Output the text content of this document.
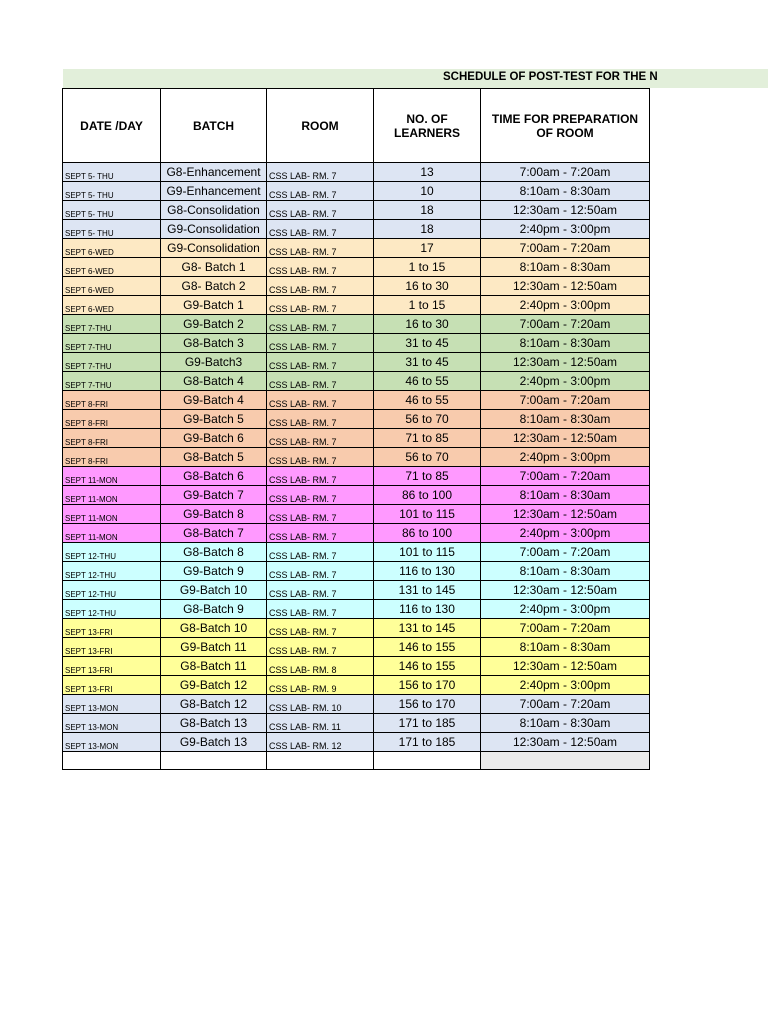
SCHEDULE OF POST-TEST FOR THE N
DATE /DAY	BATCH	ROOM	NO. OF LEARNERS	TIME FOR PREPARATION OF ROOM
SEPT 5- THU	G8-Enhancement	CSS LAB- RM. 7	13	7:00am - 7:20am
SEPT 5- THU	G9-Enhancement	CSS LAB- RM. 7	10	8:10am - 8:30am
SEPT 5- THU	G8-Consolidation	CSS LAB- RM. 7	18	12:30am - 12:50am
SEPT 5- THU	G9-Consolidation	CSS LAB- RM. 7	18	2:40pm - 3:00pm
SEPT 6-WED	G9-Consolidation	CSS LAB- RM. 7	17	7:00am - 7:20am
SEPT 6-WED	G8- Batch 1	CSS LAB- RM. 7	1 to 15	8:10am - 8:30am
SEPT 6-WED	G8- Batch 2	CSS LAB- RM. 7	16 to 30	12:30am - 12:50am
SEPT 6-WED	G9-Batch 1	CSS LAB- RM. 7	1 to 15	2:40pm - 3:00pm
SEPT 7-THU	G9-Batch 2	CSS LAB- RM. 7	16 to 30	7:00am - 7:20am
SEPT 7-THU	G8-Batch 3	CSS LAB- RM. 7	31 to 45	8:10am - 8:30am
SEPT 7-THU	G9-Batch3	CSS LAB- RM. 7	31 to 45	12:30am - 12:50am
SEPT 7-THU	G8-Batch 4	CSS LAB- RM. 7	46 to 55	2:40pm - 3:00pm
SEPT 8-FRI	G9-Batch 4	CSS LAB- RM. 7	46 to 55	7:00am - 7:20am
SEPT 8-FRI	G9-Batch 5	CSS LAB- RM. 7	56 to 70	8:10am - 8:30am
SEPT 8-FRI	G9-Batch 6	CSS LAB- RM. 7	71 to 85	12:30am - 12:50am
SEPT 8-FRI	G8-Batch 5	CSS LAB- RM. 7	56 to 70	2:40pm - 3:00pm
SEPT 11-MON	G8-Batch 6	CSS LAB- RM. 7	71 to 85	7:00am - 7:20am
SEPT 11-MON	G9-Batch 7	CSS LAB- RM. 7	86 to 100	8:10am - 8:30am
SEPT 11-MON	G9-Batch 8	CSS LAB- RM. 7	101 to 115	12:30am - 12:50am
SEPT 11-MON	G8-Batch 7	CSS LAB- RM. 7	86 to 100	2:40pm - 3:00pm
SEPT 12-THU	G8-Batch 8	CSS LAB- RM. 7	101 to 115	7:00am - 7:20am
SEPT 12-THU	G9-Batch 9	CSS LAB- RM. 7	116 to 130	8:10am - 8:30am
SEPT 12-THU	G9-Batch 10	CSS LAB- RM. 7	131 to 145	12:30am - 12:50am
SEPT 12-THU	G8-Batch 9	CSS LAB- RM. 7	116 to 130	2:40pm - 3:00pm
SEPT 13-FRI	G8-Batch 10	CSS LAB- RM. 7	131 to 145	7:00am - 7:20am
SEPT 13-FRI	G9-Batch 11	CSS LAB- RM. 7	146 to 155	8:10am - 8:30am
SEPT 13-FRI	G8-Batch 11	CSS LAB- RM. 8	146 to 155	12:30am - 12:50am
SEPT 13-FRI	G9-Batch 12	CSS LAB- RM. 9	156 to 170	2:40pm - 3:00pm
SEPT 13-MON	G8-Batch 12	CSS LAB- RM. 10	156 to 170	7:00am - 7:20am
SEPT 13-MON	G8-Batch 13	CSS LAB- RM. 11	171 to 185	8:10am - 8:30am
SEPT 13-MON	G9-Batch 13	CSS LAB- RM. 12	171 to 185	12:30am - 12:50am
